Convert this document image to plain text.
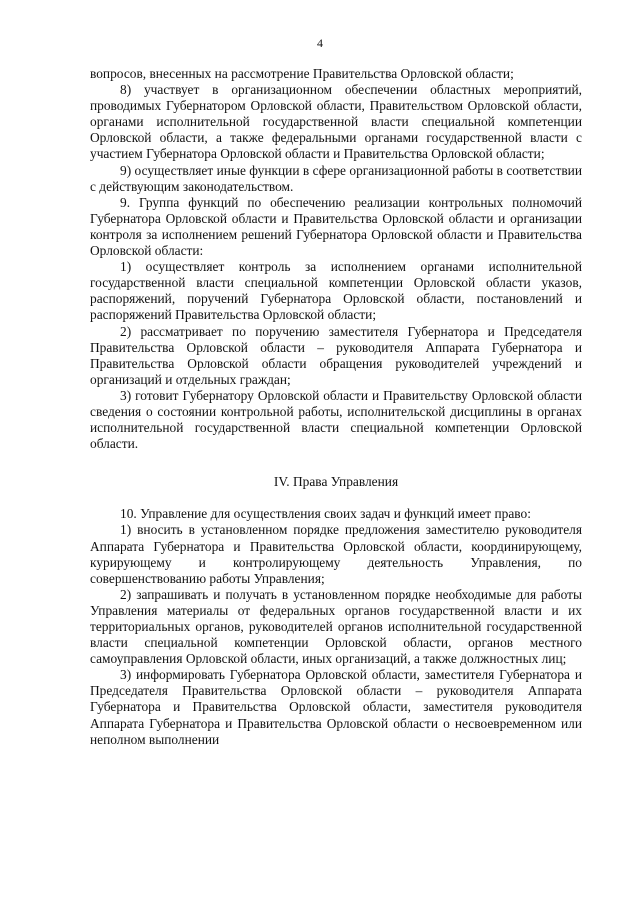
4

вопросов, внесенных на рассмотрение Правительства Орловской области;

8) участвует в организационном обеспечении областных мероприятий, проводимых Губернатором Орловской области, Правительством Орловской области, органами исполнительной государственной власти специальной компетенции Орловской области, а также федеральными органами государственной власти с участием Губернатора Орловской области и Правительства Орловской области;

9) осуществляет иные функции в сфере организационной работы в соответствии с действующим законодательством.

9. Группа функций по обеспечению реализации контрольных полномочий Губернатора Орловской области и Правительства Орловской области и организации контроля за исполнением решений Губернатора Орловской области и Правительства Орловской области:

1) осуществляет контроль за исполнением органами исполнительной государственной власти специальной компетенции Орловской области указов, распоряжений, поручений Губернатора Орловской области, постановлений и распоряжений Правительства Орловской области;

2) рассматривает по поручению заместителя Губернатора и Председателя Правительства Орловской области – руководителя Аппарата Губернатора и Правительства Орловской области обращения руководителей учреждений и организаций и отдельных граждан;

3) готовит Губернатору Орловской области и Правительству Орловской области сведения о состоянии контрольной работы, исполнительской дисциплины в органах исполнительной государственной власти специальной компетенции Орловской области.

IV. Права Управления

10. Управление для осуществления своих задач и функций имеет право:

1) вносить в установленном порядке предложения заместителю руководителя Аппарата Губернатора и Правительства Орловской области, координирующему, курирующему и контролирующему деятельность Управления, по совершенствованию работы Управления;

2) запрашивать и получать в установленном порядке необходимые для работы Управления материалы от федеральных органов государственной власти и их территориальных органов, руководителей органов исполнительной государственной власти специальной компетенции Орловской области, органов местного самоуправления Орловской области, иных организаций, а также должностных лиц;

3) информировать Губернатора Орловской области, заместителя Губернатора и Председателя Правительства Орловской области – руководителя Аппарата Губернатора и Правительства Орловской области, заместителя руководителя Аппарата Губернатора и Правительства Орловской области о несвоевременном или неполном выполнении
